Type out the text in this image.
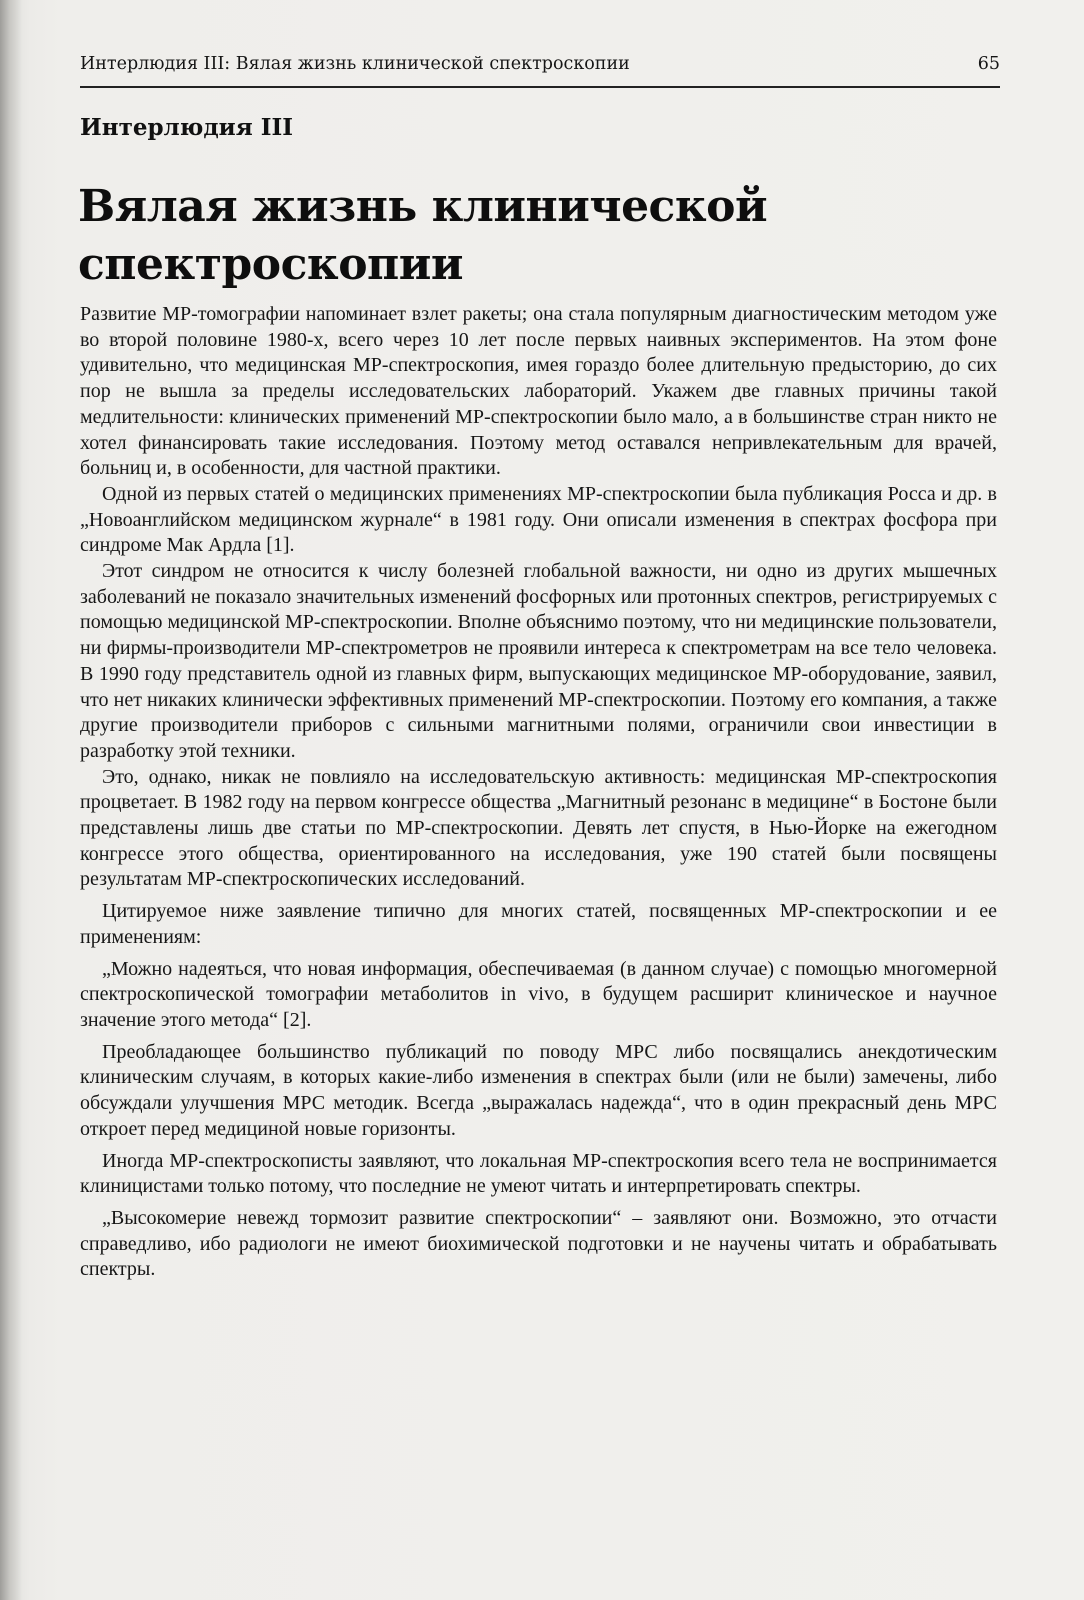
Интерлюдия III: Вялая жизнь клинической спектроскопии	65
Интерлюдия III
Вялая жизнь клинической спектроскопии

Развитие МР-томографии напоминает взлет ракеты; она стала популярным диагностическим методом уже во второй половине 1980-х, всего через 10 лет после первых наивных экспериментов. На этом фоне удивительно, что медицинская МР-спектроскопия, имея гораздо более длительную предысторию, до сих пор не вышла за пределы исследовательских лабораторий. Укажем две главных причины такой медлительности: клинических применений МР-спектроскопии было мало, а в большинстве стран никто не хотел финансировать такие исследования. Поэтому метод оставался непривлекательным для врачей, больниц и, в особенности, для частной практики.

Одной из первых статей о медицинских применениях МР-спектроскопии была публикация Росса и др. в „Новоанглийском медицинском журнале“ в 1981 году. Они описали изменения в спектрах фосфора при синдроме Мак Ардла [1].

Этот синдром не относится к числу болезней глобальной важности, ни одно из других мышечных заболеваний не показало значительных изменений фосфорных или протонных спектров, регистрируемых с помощью медицинской МР-спектроскопии. Вполне объяснимо поэтому, что ни медицинские пользователи, ни фирмы-производители МР-спектрометров не проявили интереса к спектрометрам на все тело человека. В 1990 году представитель одной из главных фирм, выпускающих медицинское МР-оборудование, заявил, что нет никаких клинически эффективных применений МР-спектроскопии. Поэтому его компания, а также другие производители приборов с сильными магнитными полями, ограничили свои инвестиции в разработку этой техники.

Это, однако, никак не повлияло на исследовательскую активность: медицинская МР-спектроскопия процветает. В 1982 году на первом конгрессе общества „Магнитный резонанс в медицине“ в Бостоне были представлены лишь две статьи по МР-спектроскопии. Девять лет спустя, в Нью-Йорке на ежегодном конгрессе этого общества, ориентированного на исследования, уже 190 статей были посвящены результатам МР-спектроскопических исследований.

Цитируемое ниже заявление типично для многих статей, посвященных МР-спектроскопии и ее применениям:

„Можно надеяться, что новая информация, обеспечиваемая (в данном случае) с помощью многомерной спектроскопической томографии метаболитов in vivo, в будущем расширит клиническое и научное значение этого метода“ [2].

Преобладающее большинство публикаций по поводу МРС либо посвящались анекдотическим клиническим случаям, в которых какие-либо изменения в спектрах были (или не были) замечены, либо обсуждали улучшения МРС методик. Всегда „выражалась надежда“, что в один прекрасный день МРС откроет перед медициной новые горизонты.

Иногда МР-спектроскописты заявляют, что локальная МР-спектроскопия всего тела не воспринимается клиницистами только потому, что последние не умеют читать и интерпретировать спектры.

„Высокомерие невежд тормозит развитие спектроскопии“ – заявляют они. Возможно, это отчасти справедливо, ибо радиологи не имеют биохимической подготовки и не научены читать и обрабатывать спектры.
